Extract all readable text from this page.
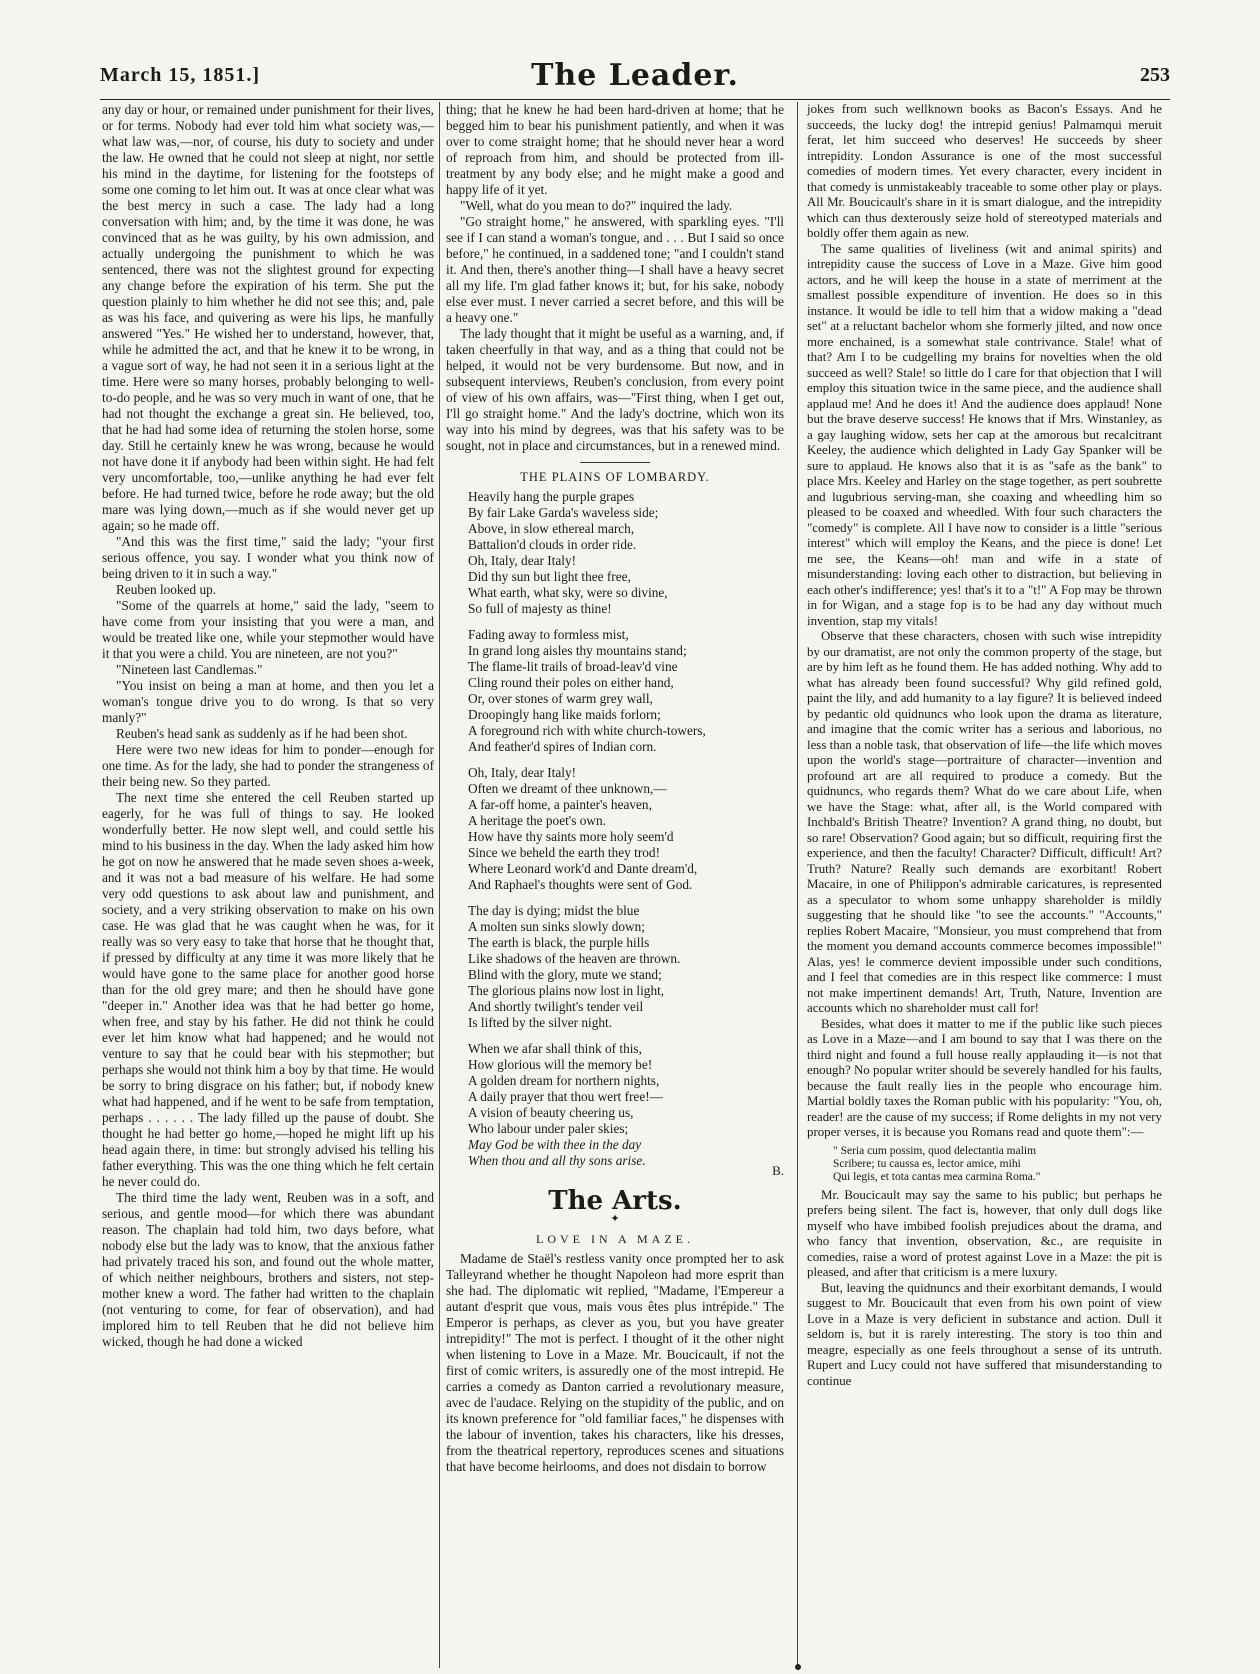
March 15, 1851.]	The Leader.	253

any day or hour, or remained under punishment for their lives, or for terms. Nobody had ever told him what society was,—what law was,—nor, of course, his duty to society and under the law. He owned that he could not sleep at night, nor settle his mind in the daytime, for listening for the footsteps of some one coming to let him out. It was at once clear what was the best mercy in such a case. The lady had a long conversation with him; and, by the time it was done, he was convinced that as he was guilty, by his own admission, and actually undergoing the punishment to which he was sentenced, there was not the slightest ground for expecting any change before the expiration of his term. She put the question plainly to him whether he did not see this; and, pale as was his face, and quivering as were his lips, he manfully answered "Yes." He wished her to understand, however, that, while he admitted the act, and that he knew it to be wrong, in a vague sort of way, he had not seen it in a serious light at the time. Here were so many horses, probably belonging to well-to-do people, and he was so very much in want of one, that he had not thought the exchange a great sin. He believed, too, that he had had some idea of returning the stolen horse, some day. Still he certainly knew he was wrong, because he would not have done it if anybody had been within sight. He had felt very uncomfortable, too,—unlike anything he had ever felt before. He had turned twice, before he rode away; but the old mare was lying down,—much as if she would never get up again; so he made off.

"And this was the first time," said the lady; "your first serious offence, you say. I wonder what you think now of being driven to it in such a way."

Reuben looked up.

"Some of the quarrels at home," said the lady, "seem to have come from your insisting that you were a man, and would be treated like one, while your stepmother would have it that you were a child. You are nineteen, are not you?"

"Nineteen last Candlemas."

"You insist on being a man at home, and then you let a woman's tongue drive you to do wrong. Is that so very manly?"

Reuben's head sank as suddenly as if he had been shot.

Here were two new ideas for him to ponder—enough for one time. As for the lady, she had to ponder the strangeness of their being new. So they parted.

The next time she entered the cell Reuben started up eagerly, for he was full of things to say. He looked wonderfully better. He now slept well, and could settle his mind to his business in the day. When the lady asked him how he got on now he answered that he made seven shoes a-week, and it was not a bad measure of his welfare. He had some very odd questions to ask about law and punishment, and society, and a very striking observation to make on his own case. He was glad that he was caught when he was, for it really was so very easy to take that horse that he thought that, if pressed by difficulty at any time it was more likely that he would have gone to the same place for another good horse than for the old grey mare; and then he should have gone "deeper in." Another idea was that he had better go home, when free, and stay by his father. He did not think he could ever let him know what had happened; and he would not venture to say that he could bear with his stepmother; but perhaps she would not think him a boy by that time. He would be sorry to bring disgrace on his father; but, if nobody knew what had happened, and if he went to be safe from temptation, perhaps . . . . . . The lady filled up the pause of doubt. She thought he had better go home,—hoped he might lift up his head again there, in time: but strongly advised his telling his father everything. This was the one thing which he felt certain he never could do.

The third time the lady went, Reuben was in a soft, and serious, and gentle mood—for which there was abundant reason. The chaplain had told him, two days before, what nobody else but the lady was to know, that the anxious father had privately traced his son, and found out the whole matter, of which neither neighbours, brothers and sisters, not step-mother knew a word. The father had written to the chaplain (not venturing to come, for fear of observation), and had implored him to tell Reuben that he did not believe him wicked, though he had done a wicked

thing; that he knew he had been hard-driven at home; that he begged him to bear his punishment patiently, and when it was over to come straight home; that he should never hear a word of reproach from him, and should be protected from ill-treatment by any body else; and he might make a good and happy life of it yet.

"Well, what do you mean to do?" inquired the lady.

"Go straight home," he answered, with sparkling eyes. "I'll see if I can stand a woman's tongue, and . . . But I said so once before," he continued, in a saddened tone; "and I couldn't stand it. And then, there's another thing—I shall have a heavy secret all my life. I'm glad father knows it; but, for his sake, nobody else ever must. I never carried a secret before, and this will be a heavy one."

The lady thought that it might be useful as a warning, and, if taken cheerfully in that way, and as a thing that could not be helped, it would not be very burdensome. But now, and in subsequent interviews, Reuben's conclusion, from every point of view of his own affairs, was—"First thing, when I get out, I'll go straight home." And the lady's doctrine, which won its way into his mind by degrees, was that his safety was to be sought, not in place and circumstances, but in a renewed mind.

THE PLAINS OF LOMBARDY.
Heavily hang the purple grapes
By fair Lake Garda's waveless side;
Above, in slow ethereal march,
Battalion'd clouds in order ride.
Oh, Italy, dear Italy!
Did thy sun but light thee free,
What earth, what sky, were so divine,
So full of majesty as thine!
Fading away to formless mist,
In grand long aisles thy mountains stand;
The flame-lit trails of broad-leav'd vine
Cling round their poles on either hand,
Or, over stones of warm grey wall,
Droopingly hang like maids forlorn;
A foreground rich with white church-towers,
And feather'd spires of Indian corn.
Oh, Italy, dear Italy!
Often we dreamt of thee unknown,—
A far-off home, a painter's heaven,
A heritage the poet's own.
How have thy saints more holy seem'd
Since we beheld the earth they trod!
Where Leonard work'd and Dante dream'd,
And Raphael's thoughts were sent of God.
The day is dying; midst the blue
A molten sun sinks slowly down;
The earth is black, the purple hills
Like shadows of the heaven are thrown.
Blind with the glory, mute we stand;
The glorious plains now lost in light,
And shortly twilight's tender veil
Is lifted by the silver night.
When we afar shall think of this,
How glorious will the memory be!
A golden dream for northern nights,
A daily prayer that thou wert free!—
A vision of beauty cheering us,
Who labour under paler skies;
May God be with thee in the day
When thou and all thy sons arise.
B.
The Arts.
✦
LOVE IN A MAZE.

Madame de Staël's restless vanity once prompted her to ask Talleyrand whether he thought Napoleon had more esprit than she had. The diplomatic wit replied, "Madame, l'Empereur a autant d'esprit que vous, mais vous êtes plus intrépide." The Emperor is perhaps, as clever as you, but you have greater intrepidity!" The mot is perfect. I thought of it the other night when listening to Love in a Maze. Mr. Boucicault, if not the first of comic writers, is assuredly one of the most intrepid. He carries a comedy as Danton carried a revolutionary measure, avec de l'audace. Relying on the stupidity of the public, and on its known preference for "old familiar faces," he dispenses with the labour of invention, takes his characters, like his dresses, from the theatrical repertory, reproduces scenes and situations that have become heirlooms, and does not disdain to borrow

jokes from such wellknown books as Bacon's Essays. And he succeeds, the lucky dog! the intrepid genius! Palmamqui meruit ferat, let him succeed who deserves! He succeeds by sheer intrepidity. London Assurance is one of the most successful comedies of modern times. Yet every character, every incident in that comedy is unmistakeably traceable to some other play or plays. All Mr. Boucicault's share in it is smart dialogue, and the intrepidity which can thus dexterously seize hold of stereotyped materials and boldly offer them again as new.

The same qualities of liveliness (wit and animal spirits) and intrepidity cause the success of Love in a Maze. Give him good actors, and he will keep the house in a state of merriment at the smallest possible expenditure of invention. He does so in this instance. It would be idle to tell him that a widow making a "dead set" at a reluctant bachelor whom she formerly jilted, and now once more enchained, is a somewhat stale contrivance. Stale! what of that? Am I to be cudgelling my brains for novelties when the old succeed as well? Stale! so little do I care for that objection that I will employ this situation twice in the same piece, and the audience shall applaud me! And he does it! And the audience does applaud! None but the brave deserve success! He knows that if Mrs. Winstanley, as a gay laughing widow, sets her cap at the amorous but recalcitrant Keeley, the audience which delighted in Lady Gay Spanker will be sure to applaud. He knows also that it is as "safe as the bank" to place Mrs. Keeley and Harley on the stage together, as pert soubrette and lugubrious serving-man, she coaxing and wheedling him so pleased to be coaxed and wheedled. With four such characters the "comedy" is complete. All I have now to consider is a little "serious interest" which will employ the Keans, and the piece is done! Let me see, the Keans—oh! man and wife in a state of misunderstanding: loving each other to distraction, but believing in each other's indifference; yes! that's it to a "t!" A Fop may be thrown in for Wigan, and a stage fop is to be had any day without much invention, stap my vitals!

Observe that these characters, chosen with such wise intrepidity by our dramatist, are not only the common property of the stage, but are by him left as he found them. He has added nothing. Why add to what has already been found successful? Why gild refined gold, paint the lily, and add humanity to a lay figure? It is believed indeed by pedantic old quidnuncs who look upon the drama as literature, and imagine that the comic writer has a serious and laborious, no less than a noble task, that observation of life—the life which moves upon the world's stage—portraiture of character—invention and profound art are all required to produce a comedy. But the quidnuncs, who regards them? What do we care about Life, when we have the Stage: what, after all, is the World compared with Inchbald's British Theatre? Invention? A grand thing, no doubt, but so rare! Observation? Good again; but so difficult, requiring first the experience, and then the faculty! Character? Difficult, difficult! Art? Truth? Nature? Really such demands are exorbitant! Robert Macaire, in one of Philippon's admirable caricatures, is represented as a speculator to whom some unhappy shareholder is mildly suggesting that he should like "to see the accounts." "Accounts," replies Robert Macaire, "Monsieur, you must comprehend that from the moment you demand accounts commerce becomes impossible!" Alas, yes! le commerce devient impossible under such conditions, and I feel that comedies are in this respect like commerce: I must not make impertinent demands! Art, Truth, Nature, Invention are accounts which no shareholder must call for!

Besides, what does it matter to me if the public like such pieces as Love in a Maze—and I am bound to say that I was there on the third night and found a full house really applauding it—is not that enough? No popular writer should be severely handled for his faults, because the fault really lies in the people who encourage him. Martial boldly taxes the Roman public with his popularity: "You, oh, reader! are the cause of my success; if Rome delights in my not very proper verses, it is because you Romans read and quote them":—

" Seria cum possim, quod delectantia malim
Scribere; tu caussa es, lector amice, mihi
Qui legis, et tota cantas mea carmina Roma."

Mr. Boucicault may say the same to his public; but perhaps he prefers being silent. The fact is, however, that only dull dogs like myself who have imbibed foolish prejudices about the drama, and who fancy that invention, observation, &c., are requisite in comedies, raise a word of protest against Love in a Maze: the pit is pleased, and after that criticism is a mere luxury.

But, leaving the quidnuncs and their exorbitant demands, I would suggest to Mr. Boucicault that even from his own point of view Love in a Maze is very deficient in substance and action. Dull it seldom is, but it is rarely interesting. The story is too thin and meagre, especially as one feels throughout a sense of its untruth. Rupert and Lucy could not have suffered that misunderstanding to continue
